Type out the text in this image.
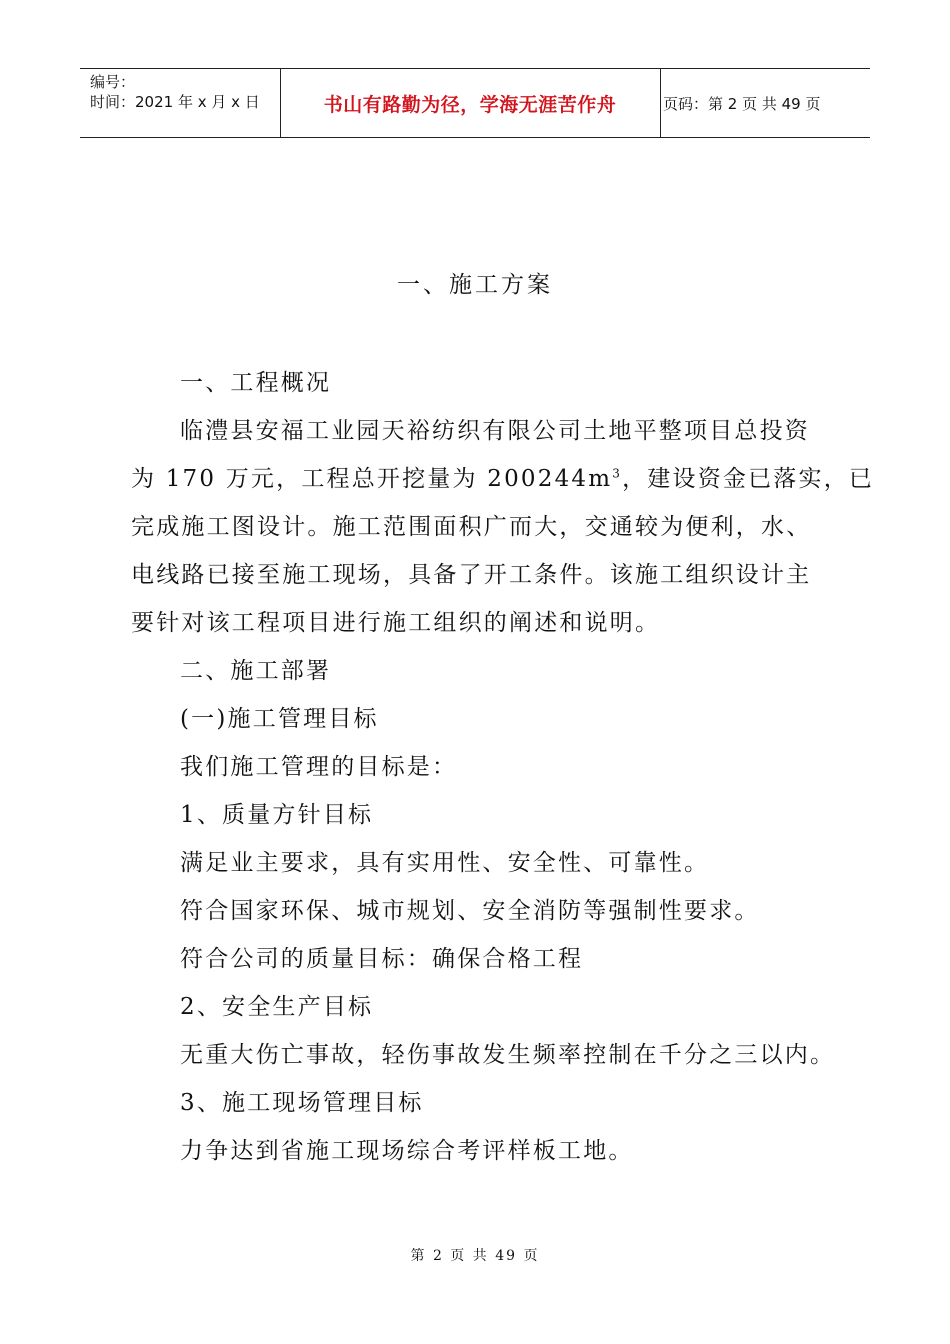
编号：
时间：2021 年 x 月 x 日	书山有路勤为径，学海无涯苦作舟	页码：第 2 页 共 49 页
一、施工方案
一、工程概况
临澧县安福工业园天裕纺织有限公司土地平整项目总投资
为 170 万元，工程总开挖量为 $200244m^3$，建设资金已落实，已
完成施工图设计。施工范围面积广而大，交通较为便利，水、
电线路已接至施工现场，具备了开工条件。该施工组织设计主
要针对该工程项目进行施工组织的阐述和说明。
二、施工部署
(一)施工管理目标
我们施工管理的目标是：
1、质量方针目标
满足业主要求，具有实用性、安全性、可靠性。
符合国家环保、城市规划、安全消防等强制性要求。
符合公司的质量目标：确保合格工程
2、安全生产目标
无重大伤亡事故，轻伤事故发生频率控制在千分之三以内。
3、施工现场管理目标
力争达到省施工现场综合考评样板工地。
第 2 页 共 49 页
